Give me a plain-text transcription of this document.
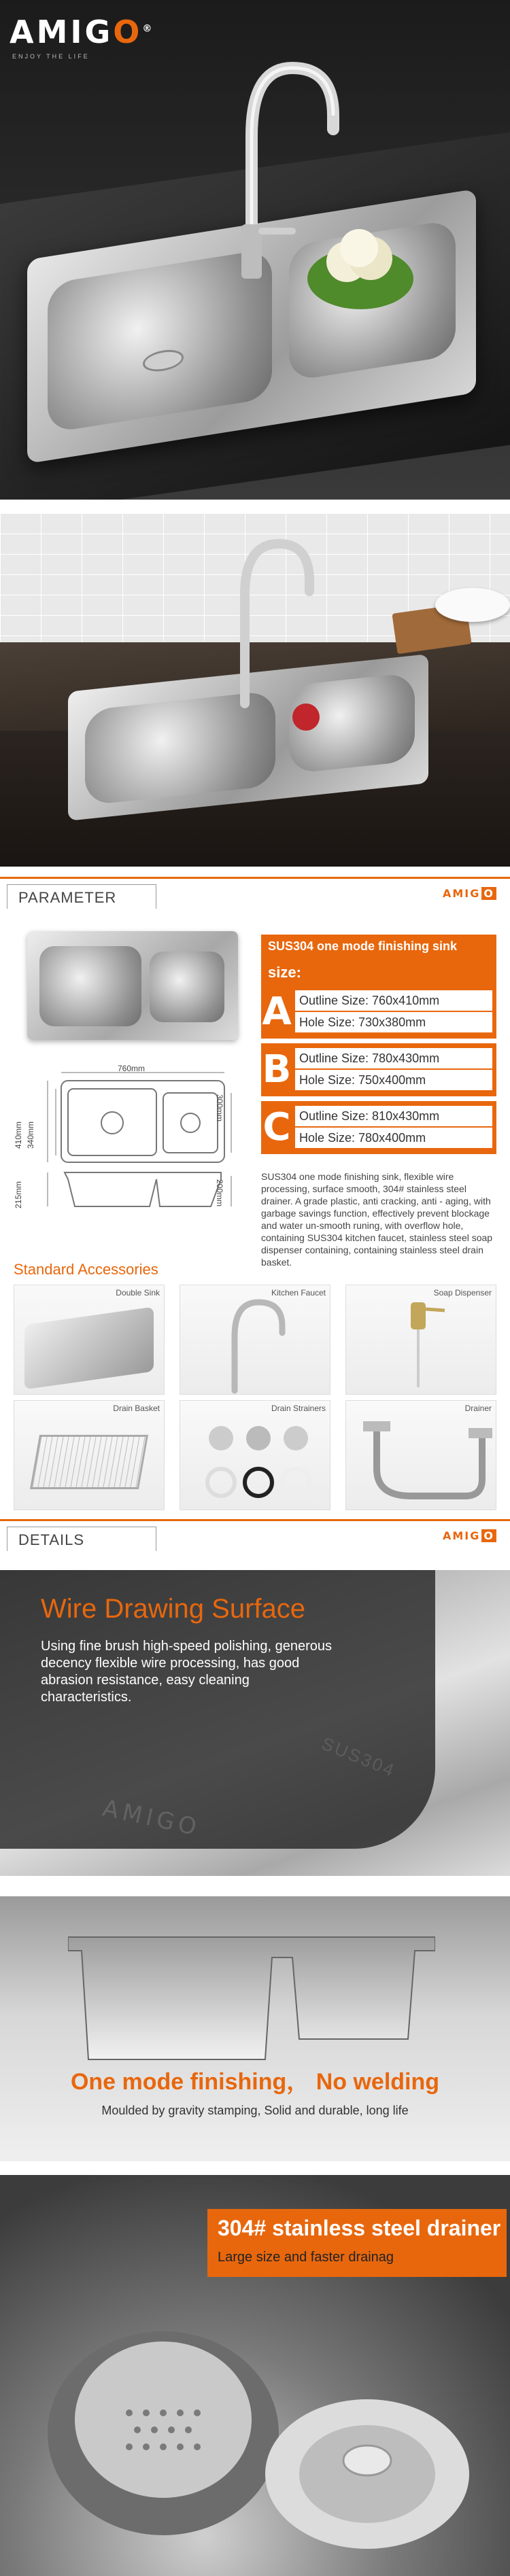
AMIGO®
ENJOY THE LIFE
PARAMETER	AMIG O
760mm
410mm 340mm
300mm
215mm	200mm
SUS304 one mode finishing sink
size:
A Outline Size: 760x410mm
Hole Size: 730x380mm
B Outline Size: 780x430mm
Hole Size: 750x400mm
C Outline Size: 810x430mm
Hole Size: 780x400mm
SUS304 one mode finishing sink, flexible wire processing, surface smooth, 304# stainless steel drainer. A grade plastic, anti cracking, anti - aging, with garbage savings function, effectively prevent blockage and water un-smooth runing, with overflow hole, containing SUS304 kitchen faucet, stainless steel soap dispenser containing, containing stainless steel drain basket.
Standard Accessories
Double Sink	Kitchen Faucet	Soap Dispenser
Drain Basket	Drain Strainers	Drainer
DETAILS	AMIG O
Wire Drawing Surface
Using fine brush high-speed polishing, generous decency flexible wire processing, has good abrasion resistance, easy cleaning characteristics.
AMIGO
SUS304
One mode finishing， No welding
Moulded by gravity stamping, Solid and durable, long life
304# stainless steel drainer
Large size and faster drainag
